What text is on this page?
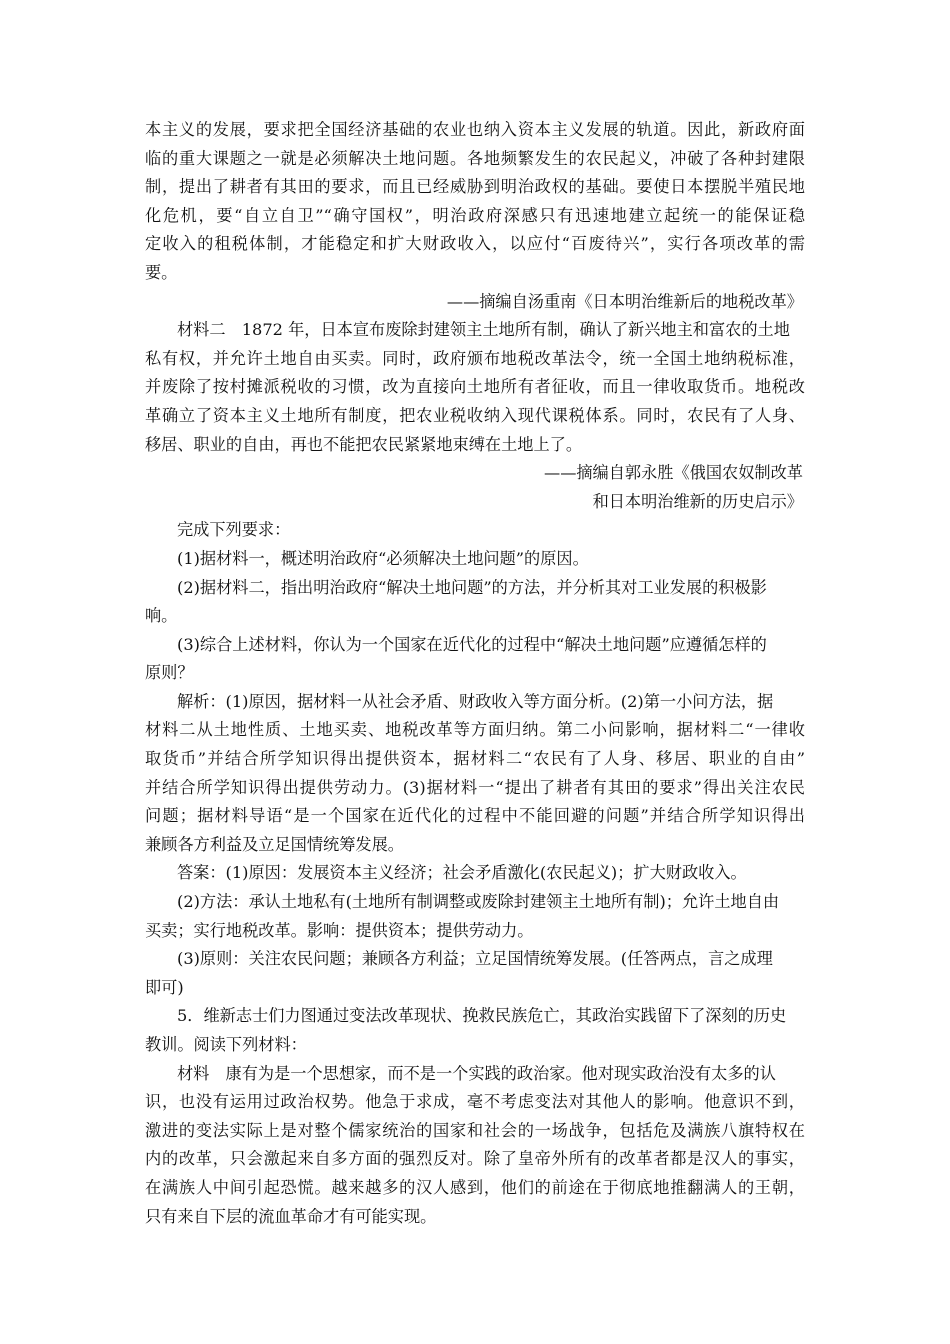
本主义的发展，要求把全国经济基础的农业也纳入资本主义发展的轨道。因此，新政府面
临的重大课题之一就是必须解决土地问题。各地频繁发生的农民起义，冲破了各种封建限
制，提出了耕者有其田的要求，而且已经威胁到明治政权的基础。要使日本摆脱半殖民地
化危机，要“自立自卫”“确守国权”，明治政府深感只有迅速地建立起统一的能保证稳
定收入的租税体制，才能稳定和扩大财政收入，以应付“百废待兴”，实行各项改革的需
要。
——摘编自汤重南《日本明治维新后的地税改革》
材料二　1872 年，日本宣布废除封建领主土地所有制，确认了新兴地主和富农的土地
私有权，并允许土地自由买卖。同时，政府颁布地税改革法令，统一全国土地纳税标准，
并废除了按村摊派税收的习惯，改为直接向土地所有者征收，而且一律收取货币。地税改
革确立了资本主义土地所有制度，把农业税收纳入现代课税体系。同时，农民有了人身、
移居、职业的自由，再也不能把农民紧紧地束缚在土地上了。
——摘编自郭永胜《俄国农奴制改革
和日本明治维新的历史启示》
完成下列要求：
(1)据材料一，概述明治政府“必须解决土地问题”的原因。
(2)据材料二，指出明治政府“解决土地问题”的方法，并分析其对工业发展的积极影
响。
(3)综合上述材料，你认为一个国家在近代化的过程中“解决土地问题”应遵循怎样的
原则？
解析：(1)原因，据材料一从社会矛盾、财政收入等方面分析。(2)第一小问方法，据
材料二从土地性质、土地买卖、地税改革等方面归纳。第二小问影响，据材料二“一律收
取货币”并结合所学知识得出提供资本，据材料二“农民有了人身、移居、职业的自由”
并结合所学知识得出提供劳动力。(3)据材料一“提出了耕者有其田的要求”得出关注农民
问题；据材料导语“是一个国家在近代化的过程中不能回避的问题”并结合所学知识得出
兼顾各方利益及立足国情统筹发展。
答案：(1)原因：发展资本主义经济；社会矛盾激化(农民起义)；扩大财政收入。
(2)方法：承认土地私有(土地所有制调整或废除封建领主土地所有制)；允许土地自由
买卖；实行地税改革。影响：提供资本；提供劳动力。
(3)原则：关注农民问题；兼顾各方利益；立足国情统筹发展。(任答两点，言之成理
即可)
5．维新志士们力图通过变法改革现状、挽救民族危亡，其政治实践留下了深刻的历史
教训。阅读下列材料：
材料　康有为是一个思想家，而不是一个实践的政治家。他对现实政治没有太多的认
识，也没有运用过政治权势。他急于求成，毫不考虑变法对其他人的影响。他意识不到，
激进的变法实际上是对整个儒家统治的国家和社会的一场战争，包括危及满族八旗特权在
内的改革，只会激起来自多方面的强烈反对。除了皇帝外所有的改革者都是汉人的事实，
在满族人中间引起恐慌。越来越多的汉人感到，他们的前途在于彻底地推翻满人的王朝，
只有来自下层的流血革命才有可能实现。
